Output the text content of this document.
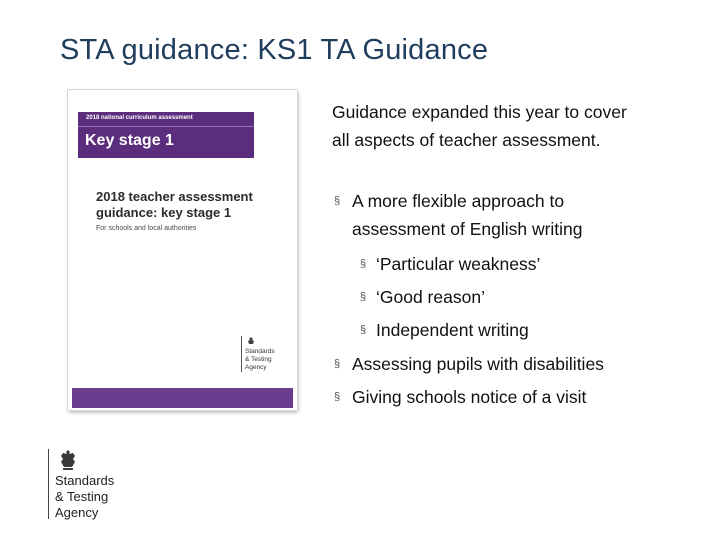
STA guidance: KS1 TA Guidance
2018 national curriculum assessment
Key stage 1
2018 teacher assessment
guidance: key stage 1
For schools and local authorities
Standards
& Testing
Agency
Guidance expanded this year to cover all aspects of teacher assessment.
§ A more flexible approach to
assessment of English writing
§ ‘Particular weakness’
§ ‘Good reason’
§ Independent writing
§ Assessing pupils with disabilities
§ Giving schools notice of a visit
Standards
& Testing
Agency
